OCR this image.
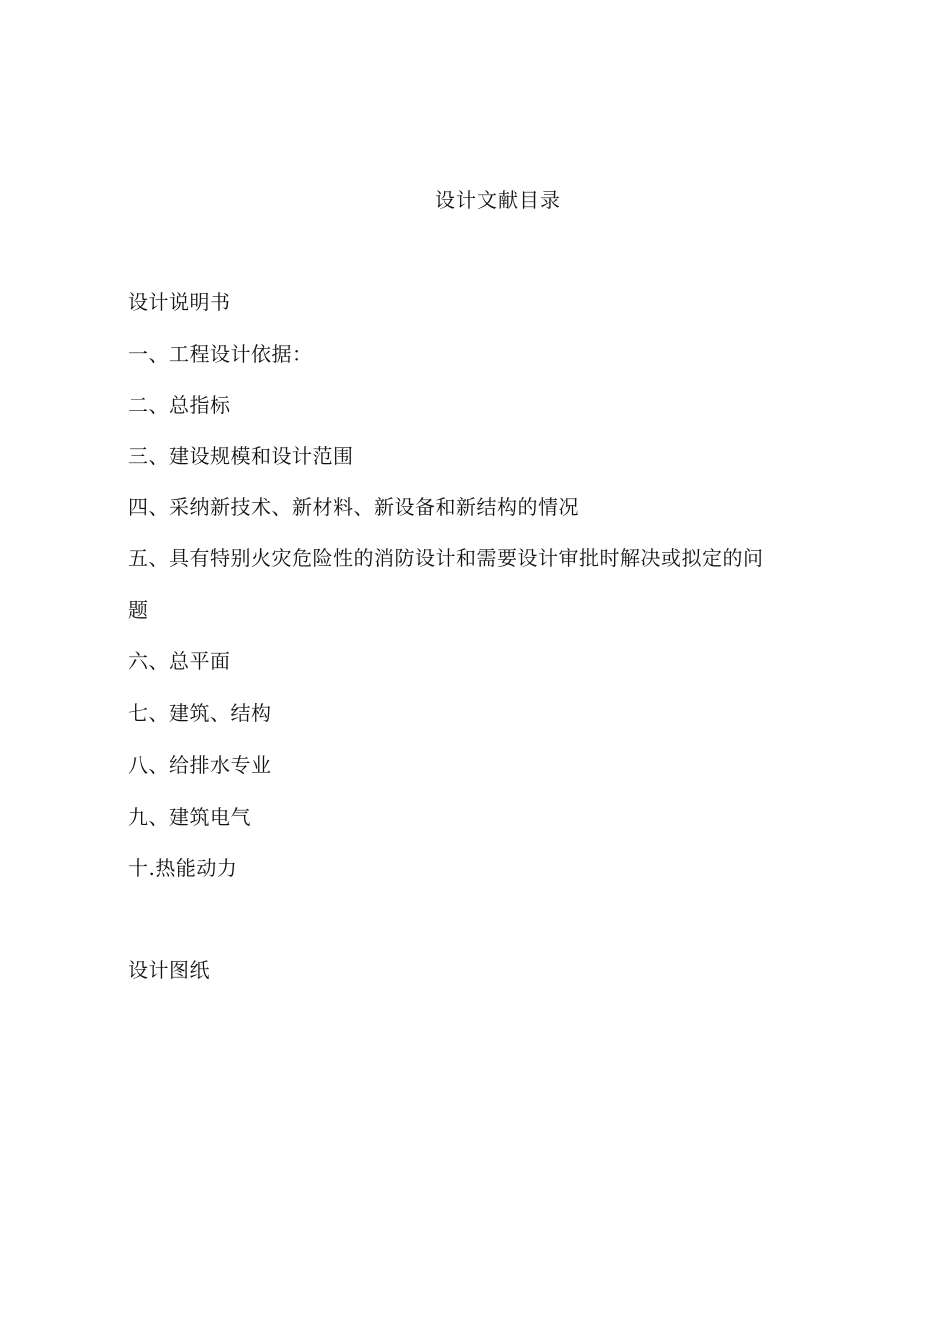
设计文献目录
设计说明书
一、工程设计依据：
二、总指标
三、建设规模和设计范围
四、采纳新技术、新材料、新设备和新结构的情况
五、具有特别火灾危险性的消防设计和需要设计审批时解决或拟定的问
题
六、总平面
七、建筑、结构
八、给排水专业
九、建筑电气
十.热能动力
设计图纸
